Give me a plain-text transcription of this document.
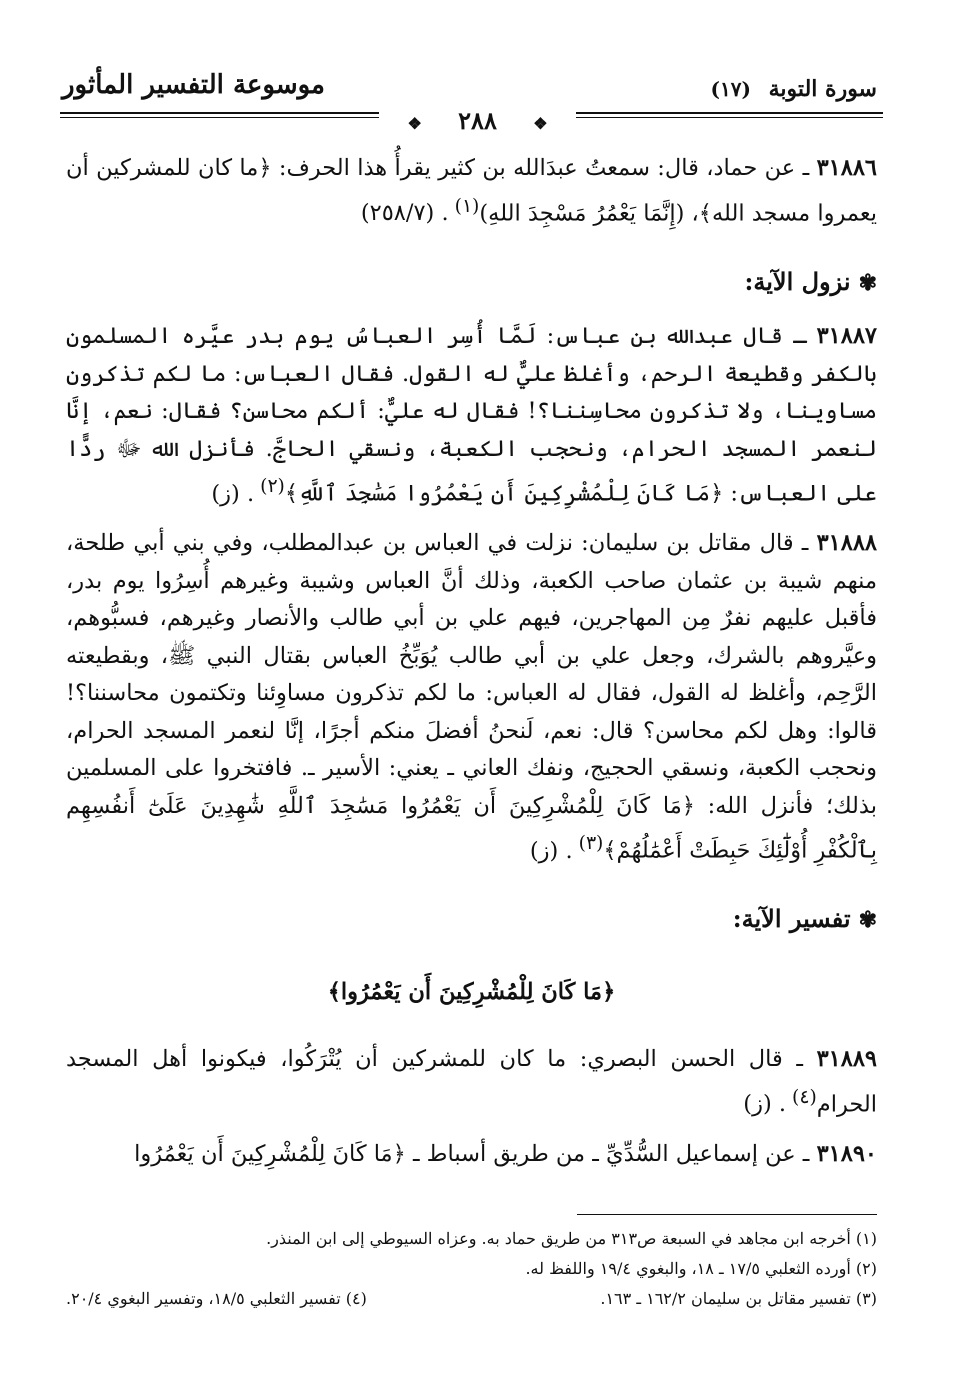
سورة التوبة (١٧)
موسوعة التفسير المأثور
❖ ٢٨٨ ❖

٣١٨٨٦ ـ عن حماد، قال: سمعتُ عبدَالله بن كثير يقرأُ هذا الحرف: ﴿ما كان للمشركين أن يعمروا مسجد الله﴾، (إِنَّمَا يَعْمُرُ مَسْجِدَ اللهِ)$^{(١)}$. (٢٥٨/٧)

✾نزول الآية:

٣١٨٨٧ ـ قال عبدالله بن عباس: لَمَّا أُسِر العباسُ يوم بدر عيَّره المسلمون بالكفر وقطيعة الرحم، وأغلظ عليٌّ له القول. فقال العباس: ما لكم تذكرون مساوينا، ولا تذكرون محاسِننا؟! فقال له عليٌّ: ألكم محاسن؟ فقال: نعم، إنَّا لنعمر المسجد الحرام، ونحجب الكعبة، ونسقي الحاجَّ. فأنزل الله ﷻ ردًّا على العباس: ﴿مَا كَانَ لِلْمُشْرِكِينَ أَن يَعْمُرُوا مَسَٰجِدَ ٱللَّهِ﴾$^{(٢)}$. (ز)

٣١٨٨٨ ـ قال مقاتل بن سليمان: نزلت في العباس بن عبدالمطلب، وفي بني أبي طلحة، منهم شيبة بن عثمان صاحب الكعبة، وذلك أنَّ العباس وشيبة وغيرهم أُسِرُوا يوم بدر، فأقبل عليهم نفرٌ مِن المهاجرين، فيهم علي بن أبي طالب والأنصار وغيرهم، فسبُّوهم، وعيَّروهم بالشرك، وجعل علي بن أبي طالب يُوَبِّخُ العباس بقتال النبي ﷺ، وبقطيعته الرَّحِم، وأغلظ له القول، فقال له العباس: ما لكم تذكرون مساوِئنا وتكتمون محاسننا؟! قالوا: وهل لكم محاسن؟ قال: نعم، لَنحنُ أفضلَ منكم أجرًا، إنَّا لنعمر المسجد الحرام، ونحجب الكعبة، ونسقي الحجيج، ونفك العاني ـ يعني: الأسير ـ. فافتخروا على المسلمين بذلك؛ فأنزل الله: ﴿مَا كَانَ لِلْمُشْرِكِينَ أَن يَعْمُرُوا مَسَٰجِدَ ٱللَّهِ شَٰهِدِينَ عَلَىٰٓ أَنفُسِهِم بِٱلْكُفْرِ أُوْلَٰٓئِكَ حَبِطَتْ أَعْمَٰلُهُمْ﴾$^{(٣)}$. (ز)

✾تفسير الآية:

﴿مَا كَانَ لِلْمُشْرِكِينَ أَن يَعْمُرُوا﴾

٣١٨٨٩ ـ قال الحسن البصري: ما كان للمشركين أن يُتْرَكُوا، فيكونوا أهل المسجد الحرام$^{(٤)}$. (ز)

٣١٨٩٠ ـ عن إسماعيل السُّدِّيِّ ـ من طريق أسباط ـ ﴿مَا كَانَ لِلْمُشْرِكِينَ أَن يَعْمُرُوا

(١) أخرجه ابن مجاهد في السبعة ص٣١٣ من طريق حماد به. وعزاه السيوطي إلى ابن المنذر.
(٢) أورده الثعلبي ١٧/٥ ـ ١٨، والبغوي ١٩/٤ واللفظ له.
(٣) تفسير مقاتل بن سليمان ١٦٢/٢ ـ ١٦٣.
(٤) تفسير الثعلبي ١٨/٥، وتفسير البغوي ٢٠/٤.
